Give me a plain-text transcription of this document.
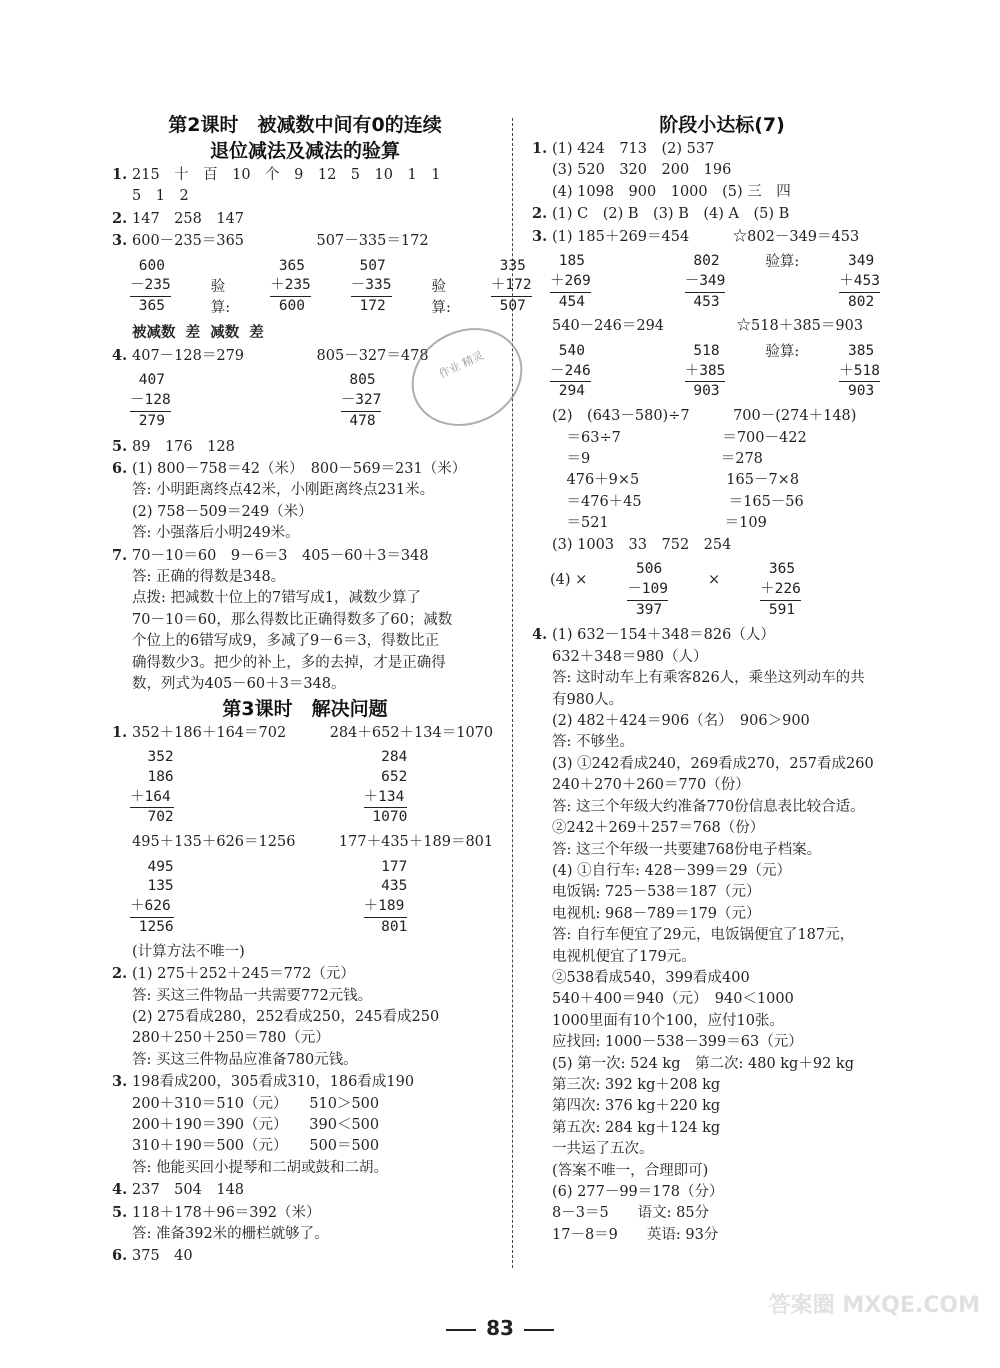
第2课时　被减数中间有0的连续
退位减法及减法的验算
1. 215　十　百　10　个　9　12　5　10　1　1
5　1　2
2. 147　258　147
3. 600－235＝365　　　　　507－335＝172
6̇00
－235
365
验算:
365
＋235
600
5̇07
－335
172
验算:
335
＋172
507
被减数  差  减数  差
4. 407－128＝279　　　　　805－327＝478
4̇07
－128
279
8̇05
－327
478
5. 89　176　128
6. (1) 800－758＝42（米）　800－569＝231（米）
答: 小明距离终点42米，小刚距离终点231米。
(2) 758－509＝249（米）
答: 小强落后小明249米。
7. 70－10＝60　9－6＝3　405－60＋3＝348
答: 正确的得数是348。
点拨: 把减数十位上的7错写成1，减数少算了
70－10＝60，那么得数比正确得数多了60；减数
个位上的6错写成9，多减了9－6＝3，得数比正
确得数少3。把少的补上，多的去掉，才是正确得
数，列式为405－60＋3＝348。
第3课时　解决问题
1. 352＋186＋164＝702　　　284＋652＋134＝1070
352
186
＋164
702
284
652
＋134
1070
495＋135＋626＝1256　　　177＋435＋189＝801
495
135
＋626
1256
177
435
＋189
801
(计算方法不唯一)
2. (1) 275＋252＋245＝772（元）
答: 买这三件物品一共需要772元钱。
(2) 275看成280，252看成250，245看成250
280＋250＋250＝780（元）
答: 买这三件物品应准备780元钱。
3. 198看成200，305看成310，186看成190
200＋310＝510（元）　　510＞500
200＋190＝390（元）　　390＜500
310＋190＝500（元）　　500＝500
答: 他能买回小提琴和二胡或鼓和二胡。
4. 237　504　148
5. 118＋178＋96＝392（米）
答: 准备392米的栅栏就够了。
6. 375　40
阶段小达标(7)
1. (1) 424　713　(2) 537
(3) 520　320　200　196
(4) 1098　900　1000　(5) 三　四
2. (1) C　(2) B　(3) B　(4) A　(5) B
3. (1) 185＋269＝454　　　☆802－349＝453
185
＋269
454
8̇02
－349
453
验算:	349
＋453
802
540－246＝294　　　　　☆518＋385＝903
5̇40
－246
294
518
＋385
903
验算:	385
＋518
903
(2)　(643－580)÷7　　　700－(274＋148)
　＝63÷7　　　　　　　＝700－422
　＝9　　　　　　　　　＝278
　476＋9×5　　　　　　165－7×8
　＝476＋45　　　　　　＝165－56
　＝521　　　　　　　　＝109
(3) 1003　33　752　254
(4) ×
5̇06
－109
397
×
365
＋226
591
4. (1) 632－154＋348＝826（人）
632＋348＝980（人）
答: 这时动车上有乘客826人，乘坐这列动车的共
有980人。
(2) 482＋424＝906（名）　906＞900
答: 不够坐。
(3) ①242看成240，269看成270，257看成260
240＋270＋260＝770（份）
答: 这三个年级大约准备770份信息表比较合适。
②242＋269＋257＝768（份）
答: 这三个年级一共要建768份电子档案。
(4) ①自行车: 428－399＝29（元）
电饭锅: 725－538＝187（元）
电视机: 968－789＝179（元）
答: 自行车便宜了29元，电饭锅便宜了187元，
电视机便宜了179元。
②538看成540，399看成400
540＋400＝940（元）　940＜1000
1000里面有10个100，应付10张。
应找回: 1000－538－399＝63（元）
(5) 第一次: 524 kg　第二次: 480 kg＋92 kg
第三次: 392 kg＋208 kg
第四次: 376 kg＋220 kg
第五次: 284 kg＋124 kg
一共运了五次。
(答案不唯一，合理即可)
(6) 277－99＝178（分）
8－3＝5　　语文: 85分
17－8＝9　　英语: 93分
作业 精灵
答案圈 MXQE.COM
83
